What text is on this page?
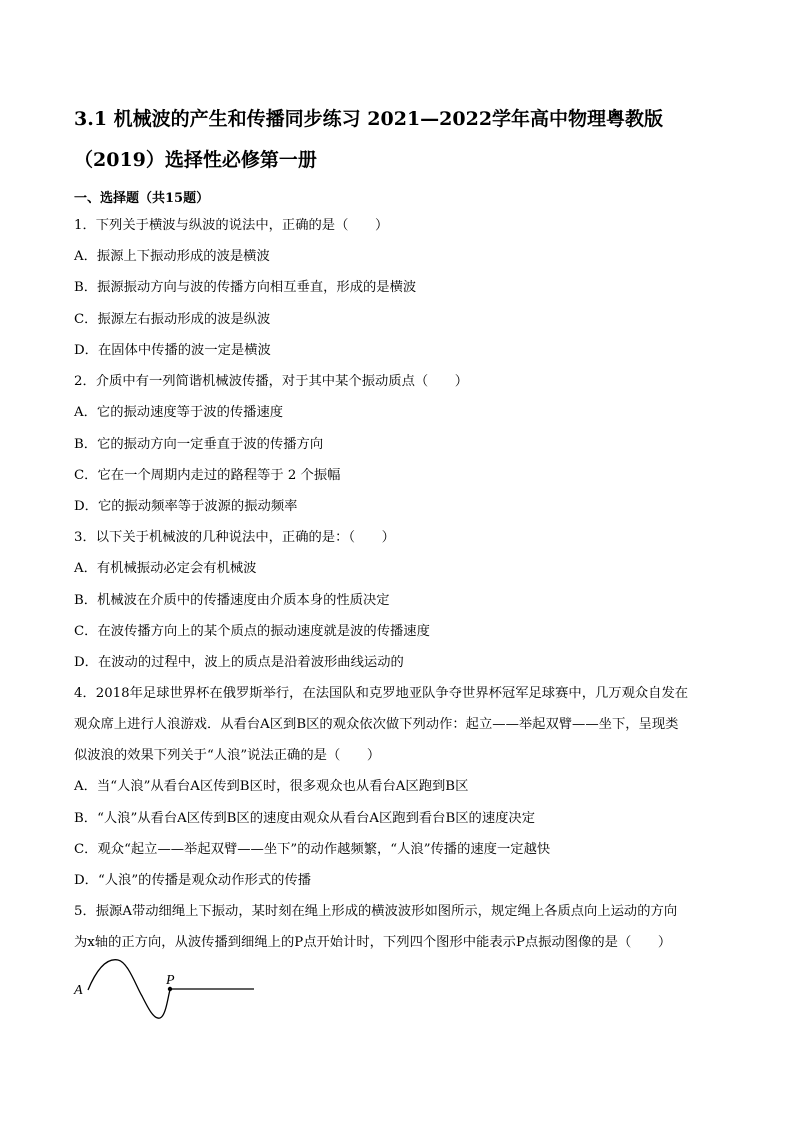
3.1 机械波的产生和传播同步练习 2021—2022学年高中物理粤教版
（2019）选择性必修第一册
一、选择题（共15题）
1．下列关于横波与纵波的说法中，正确的是（　　）
A．振源上下振动形成的波是横波
B．振源振动方向与波的传播方向相互垂直，形成的是横波
C．振源左右振动形成的波是纵波
D．在固体中传播的波一定是横波
2．介质中有一列简谐机械波传播，对于其中某个振动质点（　　）
A．它的振动速度等于波的传播速度
B．它的振动方向一定垂直于波的传播方向
C．它在一个周期内走过的路程等于 2 个振幅
D．它的振动频率等于波源的振动频率
3．以下关于机械波的几种说法中，正确的是：（　　）
A．有机械振动必定会有机械波
B．机械波在介质中的传播速度由介质本身的性质决定
C．在波传播方向上的某个质点的振动速度就是波的传播速度
D．在波动的过程中，波上的质点是沿着波形曲线运动的
4．2018年足球世界杯在俄罗斯举行，在法国队和克罗地亚队争夺世界杯冠军足球赛中，几万观众自发在
观众席上进行人浪游戏．从看台A区到B区的观众依次做下列动作：起立——举起双臂——坐下，呈现类
似波浪的效果下列关于“人浪”说法正确的是（　　）
A．当“人浪”从看台A区传到B区时，很多观众也从看台A区跑到B区
B．“人浪”从看台A区传到B区的速度由观众从看台A区跑到看台B区的速度决定
C．观众“起立——举起双臂——坐下”的动作越频繁，“人浪”传播的速度一定越快
D．“人浪”的传播是观众动作形式的传播
5．振源A带动细绳上下振动，某时刻在绳上形成的横波波形如图所示，规定绳上各质点向上运动的方向
为x轴的正方向，从波传播到细绳上的P点开始计时，下列四个图形中能表示P点振动图像的是（　　）
A
P
